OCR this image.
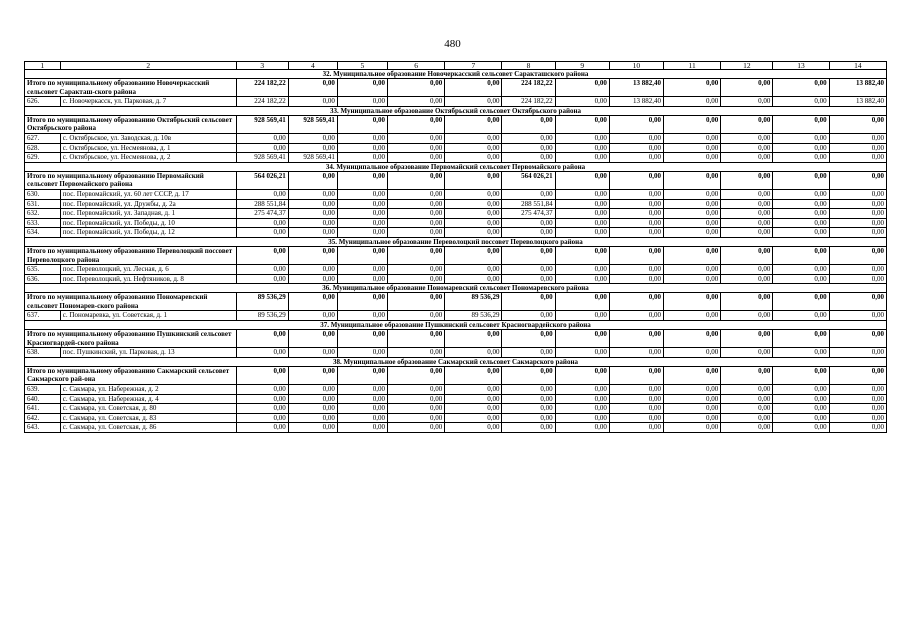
480
1	2	3	4	5	6	7	8	9	10	11	12	13	14
32. Муниципальное образование Новочеркасский сельсовет Саракташского района													
Итого по муниципальному образованию Новочеркасский сельсовет Саракташ-ского района		224 182,22	0,00	0,00	0,00	0,00	224 182,22	0,00	13 882,40	0,00	0,00	0,00	13 882,40
626.	с. Новочеркасск, ул. Парковая, д. 7	224 182,22	0,00	0,00	0,00	0,00	224 182,22	0,00	13 882,40	0,00	0,00	0,00	13 882,40
33. Муниципальное образование Октябрьский сельсовет Октябрьского района													
Итого по муниципальному образованию Октябрьский сельсовет Октябрьского района		928 569,41	928 569,41	0,00	0,00	0,00	0,00	0,00	0,00	0,00	0,00	0,00	0,00
627.	с. Октябрьское, ул. Заводская, д. 10в	0,00	0,00	0,00	0,00	0,00	0,00	0,00	0,00	0,00	0,00	0,00	0,00
628.	с. Октябрьское, ул. Несмеянова, д. 1	0,00	0,00	0,00	0,00	0,00	0,00	0,00	0,00	0,00	0,00	0,00	0,00
629.	с. Октябрьское, ул. Несмеянова, д. 2	928 569,41	928 569,41	0,00	0,00	0,00	0,00	0,00	0,00	0,00	0,00	0,00	0,00
34. Муниципальное образование Первомайский сельсовет Первомайского района													
Итого по муниципальному образованию Первомайский сельсовет Первомайского района		564 026,21	0,00	0,00	0,00	0,00	564 026,21	0,00	0,00	0,00	0,00	0,00	0,00
630.	пос. Первомайский, ул. 60 лет СССР, д. 17	0,00	0,00	0,00	0,00	0,00	0,00	0,00	0,00	0,00	0,00	0,00	0,00
631.	пос. Первомайский, ул. Дружбы, д. 2а	288 551,84	0,00	0,00	0,00	0,00	288 551,84	0,00	0,00	0,00	0,00	0,00	0,00
632.	пос. Первомайский, ул. Западная, д. 1	275 474,37	0,00	0,00	0,00	0,00	275 474,37	0,00	0,00	0,00	0,00	0,00	0,00
633.	пос. Первомайский, ул. Победы, д. 10	0,00	0,00	0,00	0,00	0,00	0,00	0,00	0,00	0,00	0,00	0,00	0,00
634.	пос. Первомайский, ул. Победы, д. 12	0,00	0,00	0,00	0,00	0,00	0,00	0,00	0,00	0,00	0,00	0,00	0,00
35. Муниципальное образование Переволоцкий поссовет Переволоцкого района													
Итого по муниципальному образованию Переволоцкий поссовет Переволоцкого района		0,00	0,00	0,00	0,00	0,00	0,00	0,00	0,00	0,00	0,00	0,00	0,00
635.	пос. Переволоцкий, ул. Лесная, д. 6	0,00	0,00	0,00	0,00	0,00	0,00	0,00	0,00	0,00	0,00	0,00	0,00
636.	пос. Переволоцкий, ул. Нефтяников, д. 8	0,00	0,00	0,00	0,00	0,00	0,00	0,00	0,00	0,00	0,00	0,00	0,00
36. Муниципальное образование Пономаревский сельсовет Пономаревского района													
Итого по муниципальному образованию Пономаревский сельсовет Пономарев-ского района		89 536,29	0,00	0,00	0,00	89 536,29	0,00	0,00	0,00	0,00	0,00	0,00	0,00
637.	с. Пономаревка, ул. Советская, д. 1	89 536,29	0,00	0,00	0,00	89 536,29	0,00	0,00	0,00	0,00	0,00	0,00	0,00
37. Муниципальное образование Пушкинский сельсовет Красногвардейского района													
Итого по муниципальному образованию Пушкинский сельсовет Красногвардей-ского района		0,00	0,00	0,00	0,00	0,00	0,00	0,00	0,00	0,00	0,00	0,00	0,00
638.	пос. Пушкинский, ул. Парковая, д. 13	0,00	0,00	0,00	0,00	0,00	0,00	0,00	0,00	0,00	0,00	0,00	0,00
38. Муниципальное образование Сакмарский сельсовет Сакмарского района													
Итого по муниципальному образованию Сакмарский сельсовет Сакмарского рай-она		0,00	0,00	0,00	0,00	0,00	0,00	0,00	0,00	0,00	0,00	0,00	0,00
639.	с. Сакмара, ул. Набережная, д. 2	0,00	0,00	0,00	0,00	0,00	0,00	0,00	0,00	0,00	0,00	0,00	0,00
640.	с. Сакмара, ул. Набережная, д. 4	0,00	0,00	0,00	0,00	0,00	0,00	0,00	0,00	0,00	0,00	0,00	0,00
641.	с. Сакмара, ул. Советская, д. 80	0,00	0,00	0,00	0,00	0,00	0,00	0,00	0,00	0,00	0,00	0,00	0,00
642.	с. Сакмара, ул. Советская, д. 83	0,00	0,00	0,00	0,00	0,00	0,00	0,00	0,00	0,00	0,00	0,00	0,00
643.	с. Сакмара, ул. Советская, д. 86	0,00	0,00	0,00	0,00	0,00	0,00	0,00	0,00	0,00	0,00	0,00	0,00
